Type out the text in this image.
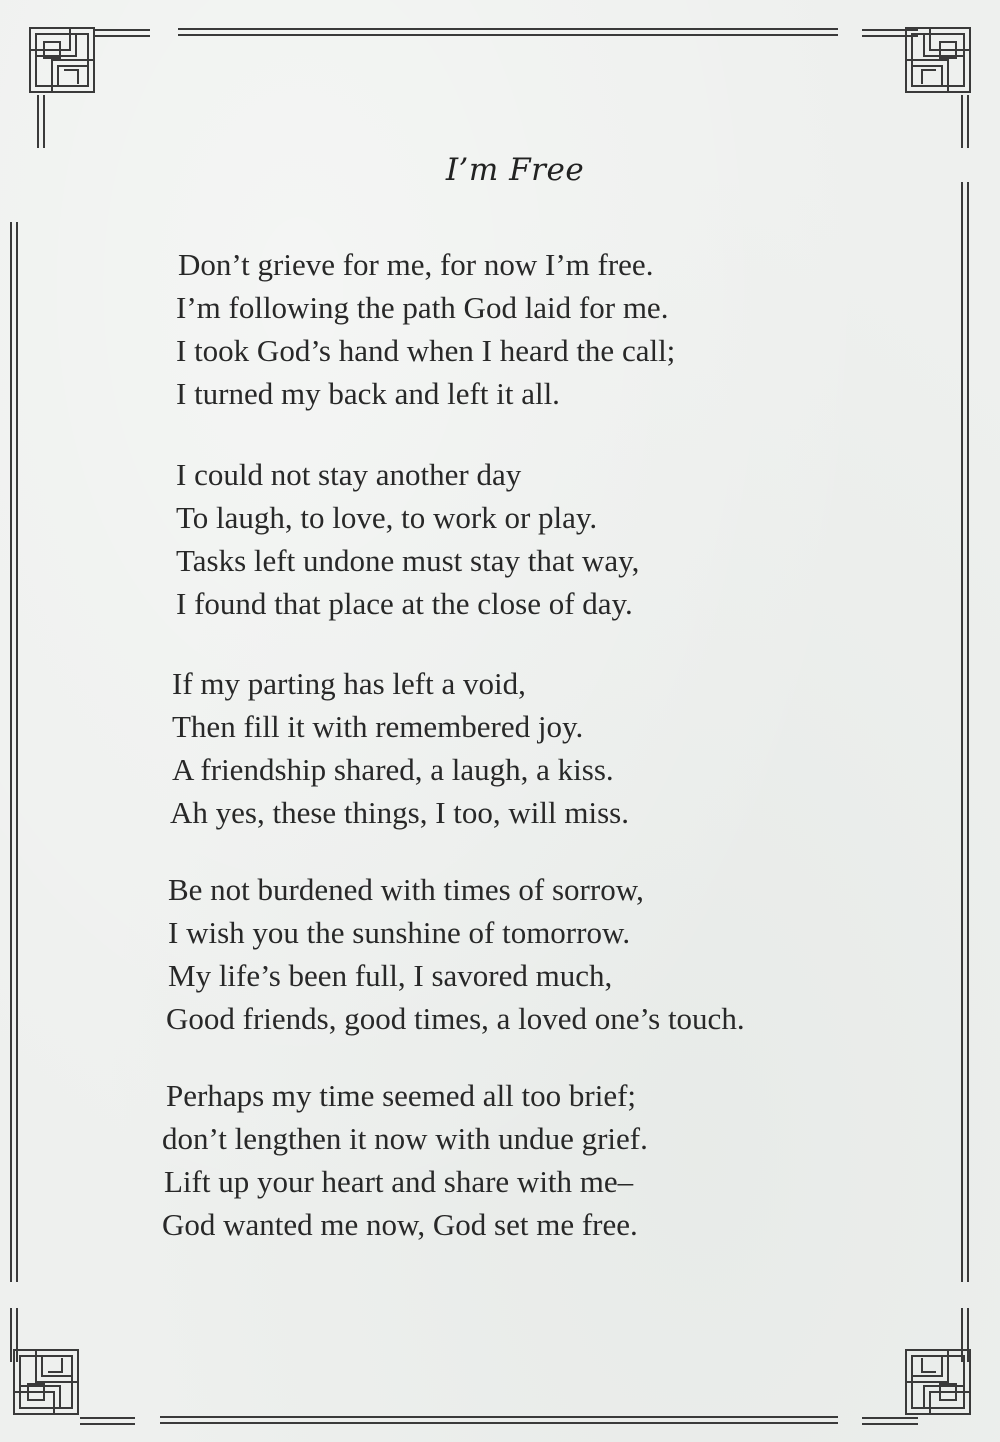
I’m Free
Don’t grieve for me, for now I’m free.
I’m following the path God laid for me.
I took God’s hand when I heard the call;
I turned my back and left it all.
I could not stay another day
To laugh, to love, to work or play.
Tasks left undone must stay that way,
I found that place at the close of day.
If my parting has left a void,
Then fill it with remembered joy.
A friendship shared, a laugh, a kiss.
Ah yes, these things, I too, will miss.
Be not burdened with times of sorrow,
I wish you the sunshine of tomorrow.
My life’s been full, I savored much,
Good friends, good times, a loved one’s touch.
Perhaps my time seemed all too brief;
don’t lengthen it now with undue grief.
Lift up your heart and share with me–
God wanted me now, God set me free.
